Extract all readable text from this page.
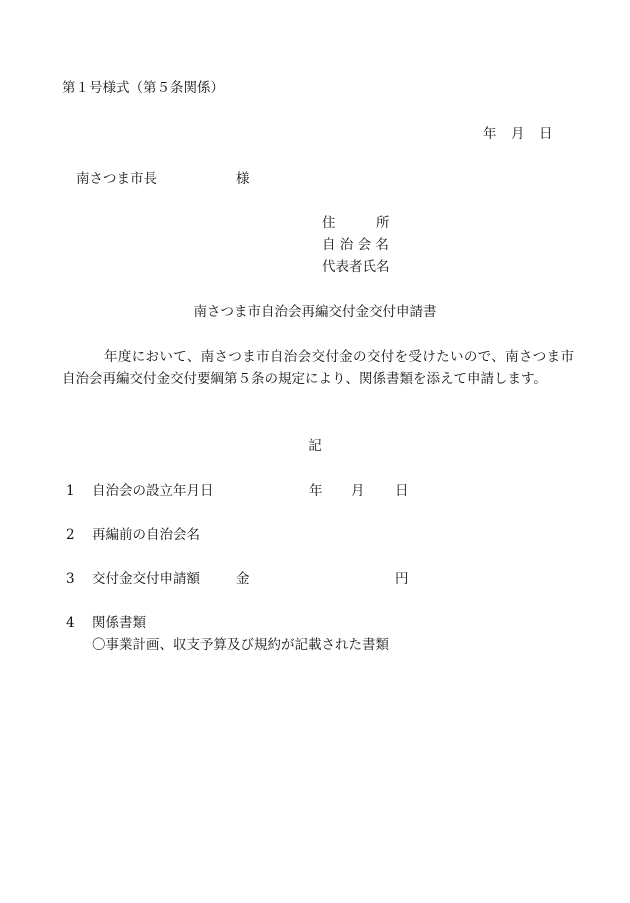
第１号様式（第５条関係）
年 月 日
南さつま市長	様
住　　　所
自 治 会 名
代表者氏名
南さつま市自治会再編交付金交付申請書
年度において、南さつま市自治会交付金の交付を受けたいので、南さつま市自治会再編交付金交付要綱第５条の規定により、関係書類を添えて申請します。
記
1 自治会の設立年月日	年 月 日
2 再編前の自治会名
3 交付金交付申請額	金	円
4 関係書類
〇事業計画、収支予算及び規約が記載された書類
